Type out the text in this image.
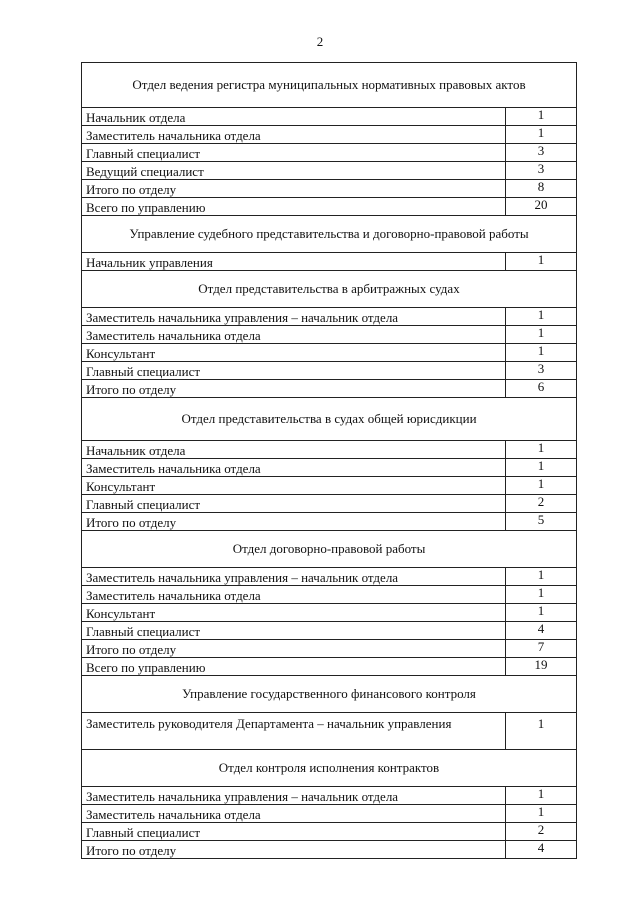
2
Отдел ведения регистра муниципальных нормативных правовых актов	
Начальник отдела	1
Заместитель начальника отдела	1
Главный специалист	3
Ведущий специалист	3
Итого по отделу	8
Всего по управлению	20
Управление судебного представительства и договорно-правовой работы	
Начальник управления	1
Отдел представительства в арбитражных судах	
Заместитель начальника управления – начальник отдела	1
Заместитель начальника отдела	1
Консультант	1
Главный специалист	3
Итого по отделу	6
Отдел представительства в судах общей юрисдикции	
Начальник отдела	1
Заместитель начальника отдела	1
Консультант	1
Главный специалист	2
Итого по отделу	5
Отдел договорно-правовой работы	
Заместитель начальника управления – начальник отдела	1
Заместитель начальника отдела	1
Консультант	1
Главный специалист	4
Итого по отделу	7
Всего по управлению	19
Управление государственного финансового контроля	
Заместитель руководителя Департамента – начальник управления	1
Отдел контроля исполнения контрактов	
Заместитель начальника управления – начальник отдела	1
Заместитель начальника отдела	1
Главный специалист	2
Итого по отделу	4
